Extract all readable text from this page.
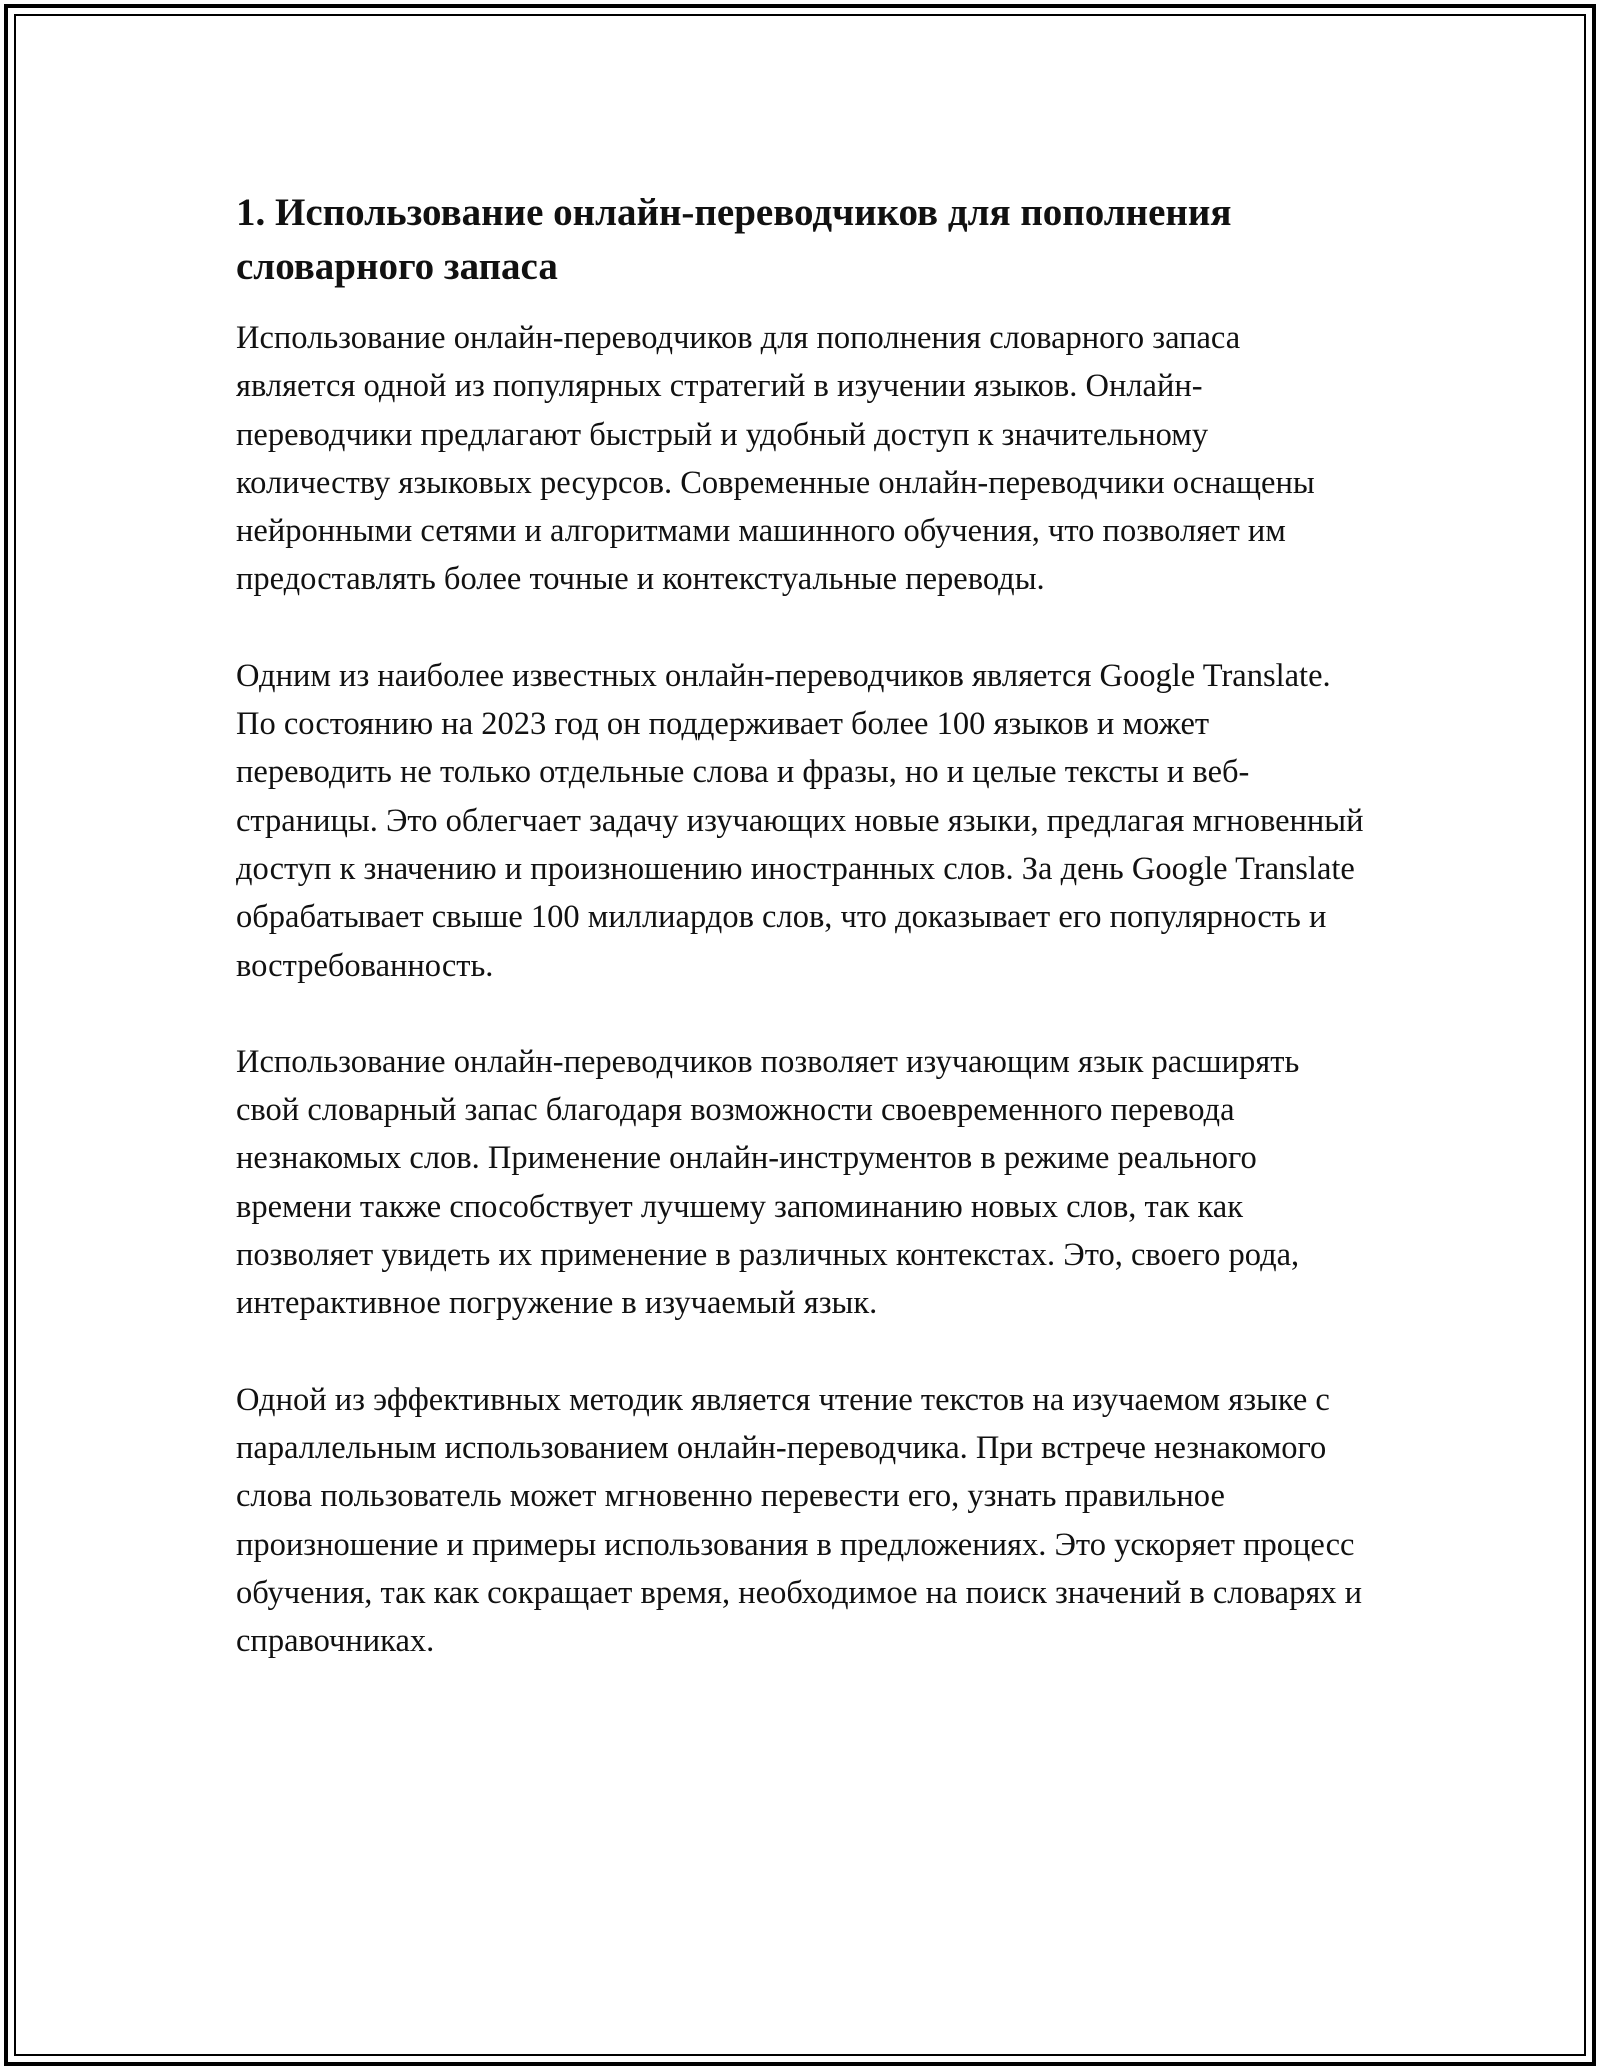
1. Использование онлайн-переводчиков для пополнения словарного запаса

Использование онлайн-переводчиков для пополнения словарного запаса является одной из популярных стратегий в изучении языков. Онлайн-переводчики предлагают быстрый и удобный доступ к значительному количеству языковых ресурсов. Современные онлайн-переводчики оснащены нейронными сетями и алгоритмами машинного обучения, что позволяет им предоставлять более точные и контекстуальные переводы.

Одним из наиболее известных онлайн-переводчиков является Google Translate. По состоянию на 2023 год он поддерживает более 100 языков и может переводить не только отдельные слова и фразы, но и целые тексты и веб-страницы. Это облегчает задачу изучающих новые языки, предлагая мгновенный доступ к значению и произношению иностранных слов. За день Google Translate обрабатывает свыше 100 миллиардов слов, что доказывает его популярность и востребованность.

Использование онлайн-переводчиков позволяет изучающим язык расширять свой словарный запас благодаря возможности своевременного перевода незнакомых слов. Применение онлайн-инструментов в режиме реального времени также способствует лучшему запоминанию новых слов, так как позволяет увидеть их применение в различных контекстах. Это, своего рода, интерактивное погружение в изучаемый язык.

Одной из эффективных методик является чтение текстов на изучаемом языке с параллельным использованием онлайн-переводчика. При встрече незнакомого слова пользователь может мгновенно перевести его, узнать правильное произношение и примеры использования в предложениях. Это ускоряет процесс обучения, так как сокращает время, необходимое на поиск значений в словарях и справочниках.
